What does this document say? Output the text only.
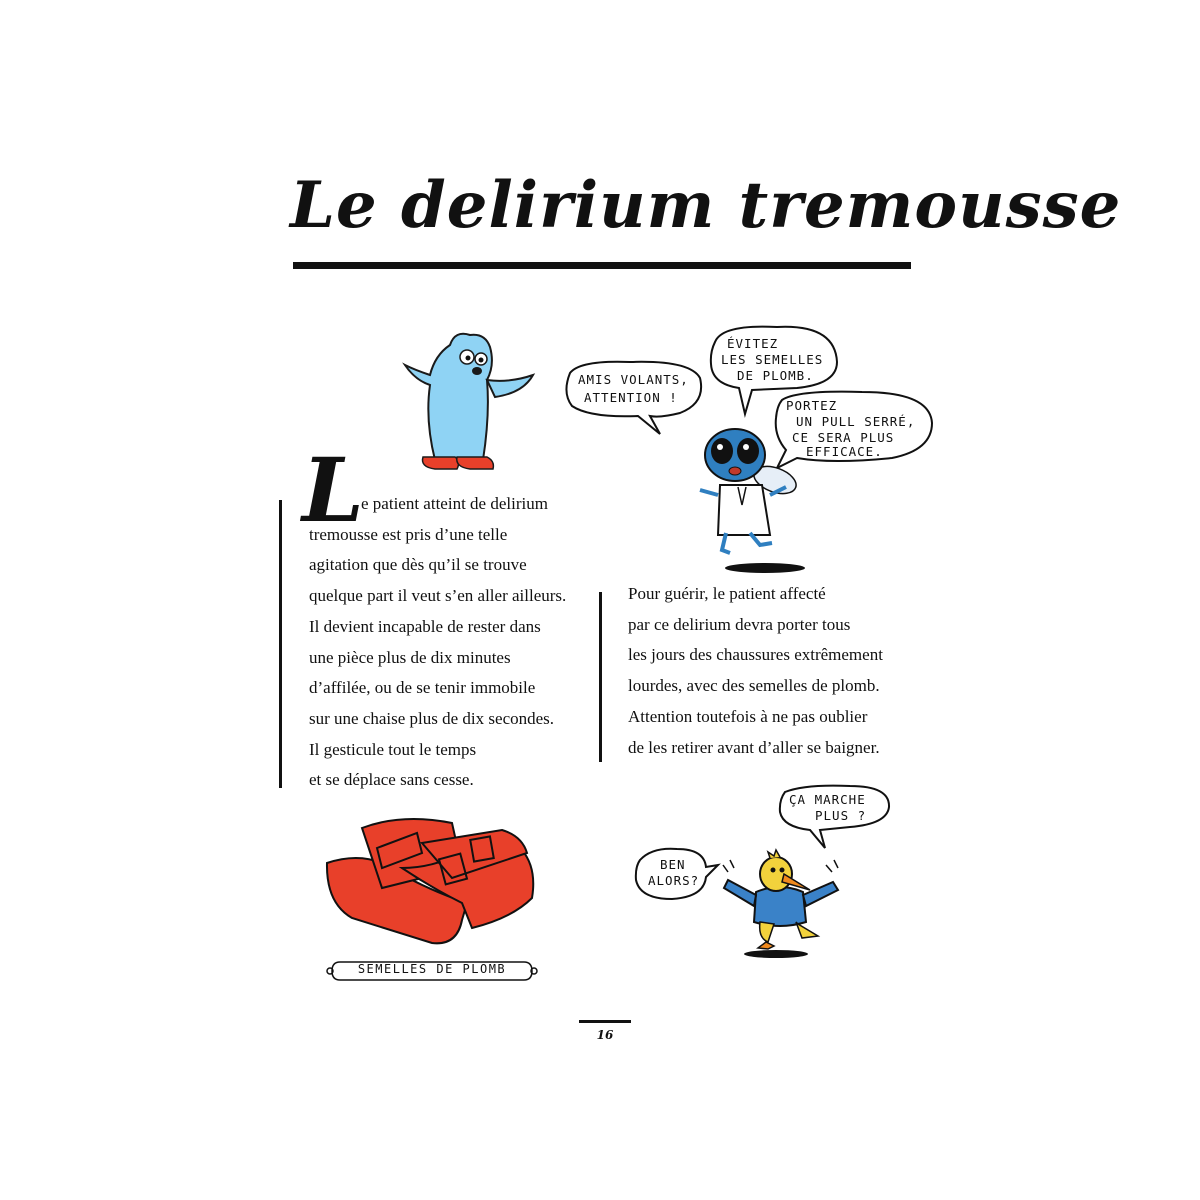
Le delirium tremousse
L

e patient atteint de delirium

tremousse est pris d’une telle

agitation que dès qu’il se trouve

quelque part il veut s’en aller ailleurs.

Il devient incapable de rester dans

une pièce plus de dix minutes

d’affilée, ou de se tenir immobile

sur une chaise plus de dix secondes.

Il gesticule tout le temps

et se déplace sans cesse.

Pour guérir, le patient affecté

par ce delirium devra porter tous

les jours des chaussures extrêmement

lourdes, avec des semelles de plomb.

Attention toutefois à ne pas oublier

de les retirer avant d’aller se baigner.

AMIS VOLANTS,
ATTENTION !
ÉVITEZ
LES SEMELLES
DE PLOMB.
PORTEZ
UN PULL SERRÉ,
CE SERA PLUS
EFFICACE.
SEMELLES DE PLOMB
ÇA MARCHE
PLUS ?
BEN
ALORS?
16
